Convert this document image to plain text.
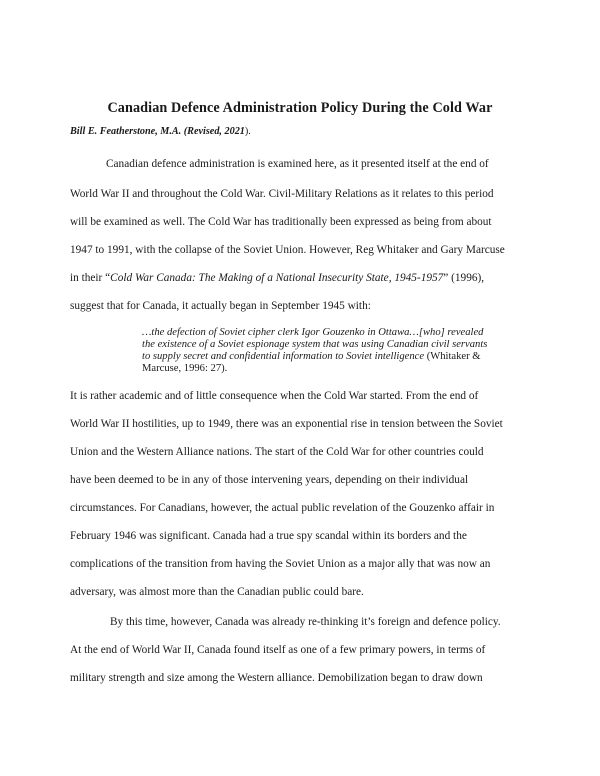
Canadian Defence Administration Policy During the Cold War
Bill E. Featherstone, M.A. (Revised, 2021).
Canadian defence administration is examined here, as it presented itself at the end of
World War II and throughout the Cold War. Civil-Military Relations as it relates to this period
will be examined as well. The Cold War has traditionally been expressed as being from about
1947 to 1991, with the collapse of the Soviet Union. However, Reg Whitaker and Gary Marcuse
in their “Cold War Canada: The Making of a National Insecurity State, 1945-1957” (1996),
suggest that for Canada, it actually began in September 1945 with:
…the defection of Soviet cipher clerk Igor Gouzenko in Ottawa…[who] revealed
the existence of a Soviet espionage system that was using Canadian civil servants
to supply secret and confidential information to Soviet intelligence (Whitaker &
Marcuse, 1996: 27).
It is rather academic and of little consequence when the Cold War started. From the end of
World War II hostilities, up to 1949, there was an exponential rise in tension between the Soviet
Union and the Western Alliance nations. The start of the Cold War for other countries could
have been deemed to be in any of those intervening years, depending on their individual
circumstances. For Canadians, however, the actual public revelation of the Gouzenko affair in
February 1946 was significant. Canada had a true spy scandal within its borders and the
complications of the transition from having the Soviet Union as a major ally that was now an
adversary, was almost more than the Canadian public could bare.
By this time, however, Canada was already re-thinking it’s foreign and defence policy.
At the end of World War II, Canada found itself as one of a few primary powers, in terms of
military strength and size among the Western alliance. Demobilization began to draw down
